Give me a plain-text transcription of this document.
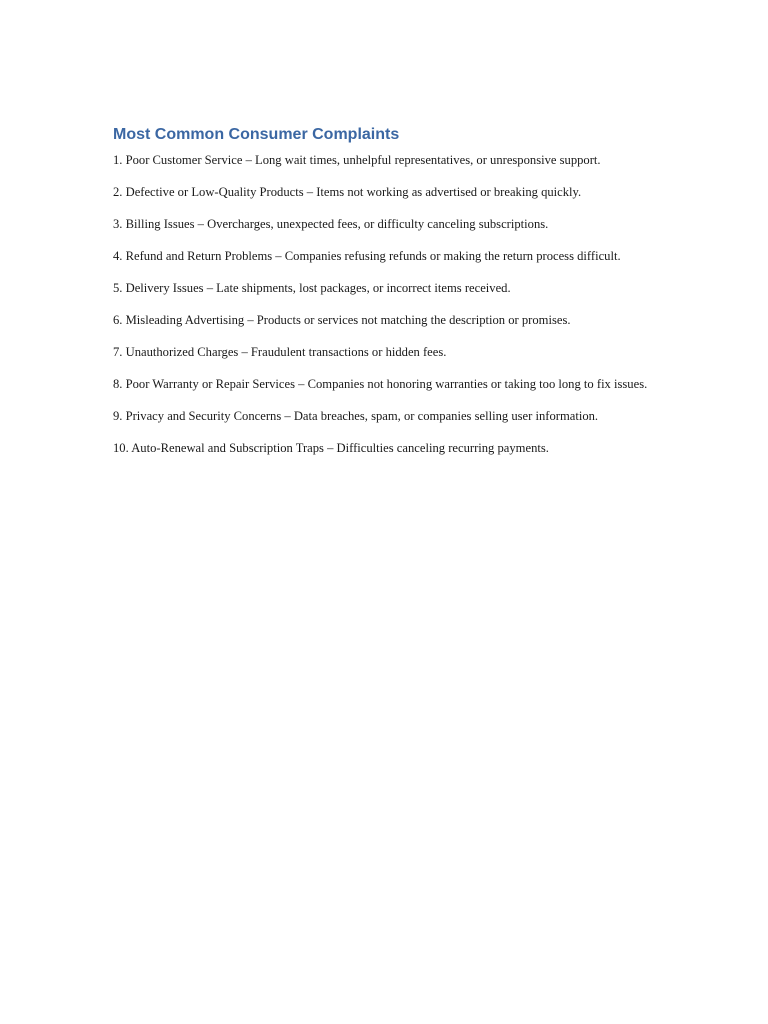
Most Common Consumer Complaints
1. Poor Customer Service – Long wait times, unhelpful representatives, or unresponsive support.
2. Defective or Low-Quality Products – Items not working as advertised or breaking quickly.
3. Billing Issues – Overcharges, unexpected fees, or difficulty canceling subscriptions.
4. Refund and Return Problems – Companies refusing refunds or making the return process difficult.
5. Delivery Issues – Late shipments, lost packages, or incorrect items received.
6. Misleading Advertising – Products or services not matching the description or promises.
7. Unauthorized Charges – Fraudulent transactions or hidden fees.
8. Poor Warranty or Repair Services – Companies not honoring warranties or taking too long to fix issues.
9. Privacy and Security Concerns – Data breaches, spam, or companies selling user information.
10. Auto-Renewal and Subscription Traps – Difficulties canceling recurring payments.
